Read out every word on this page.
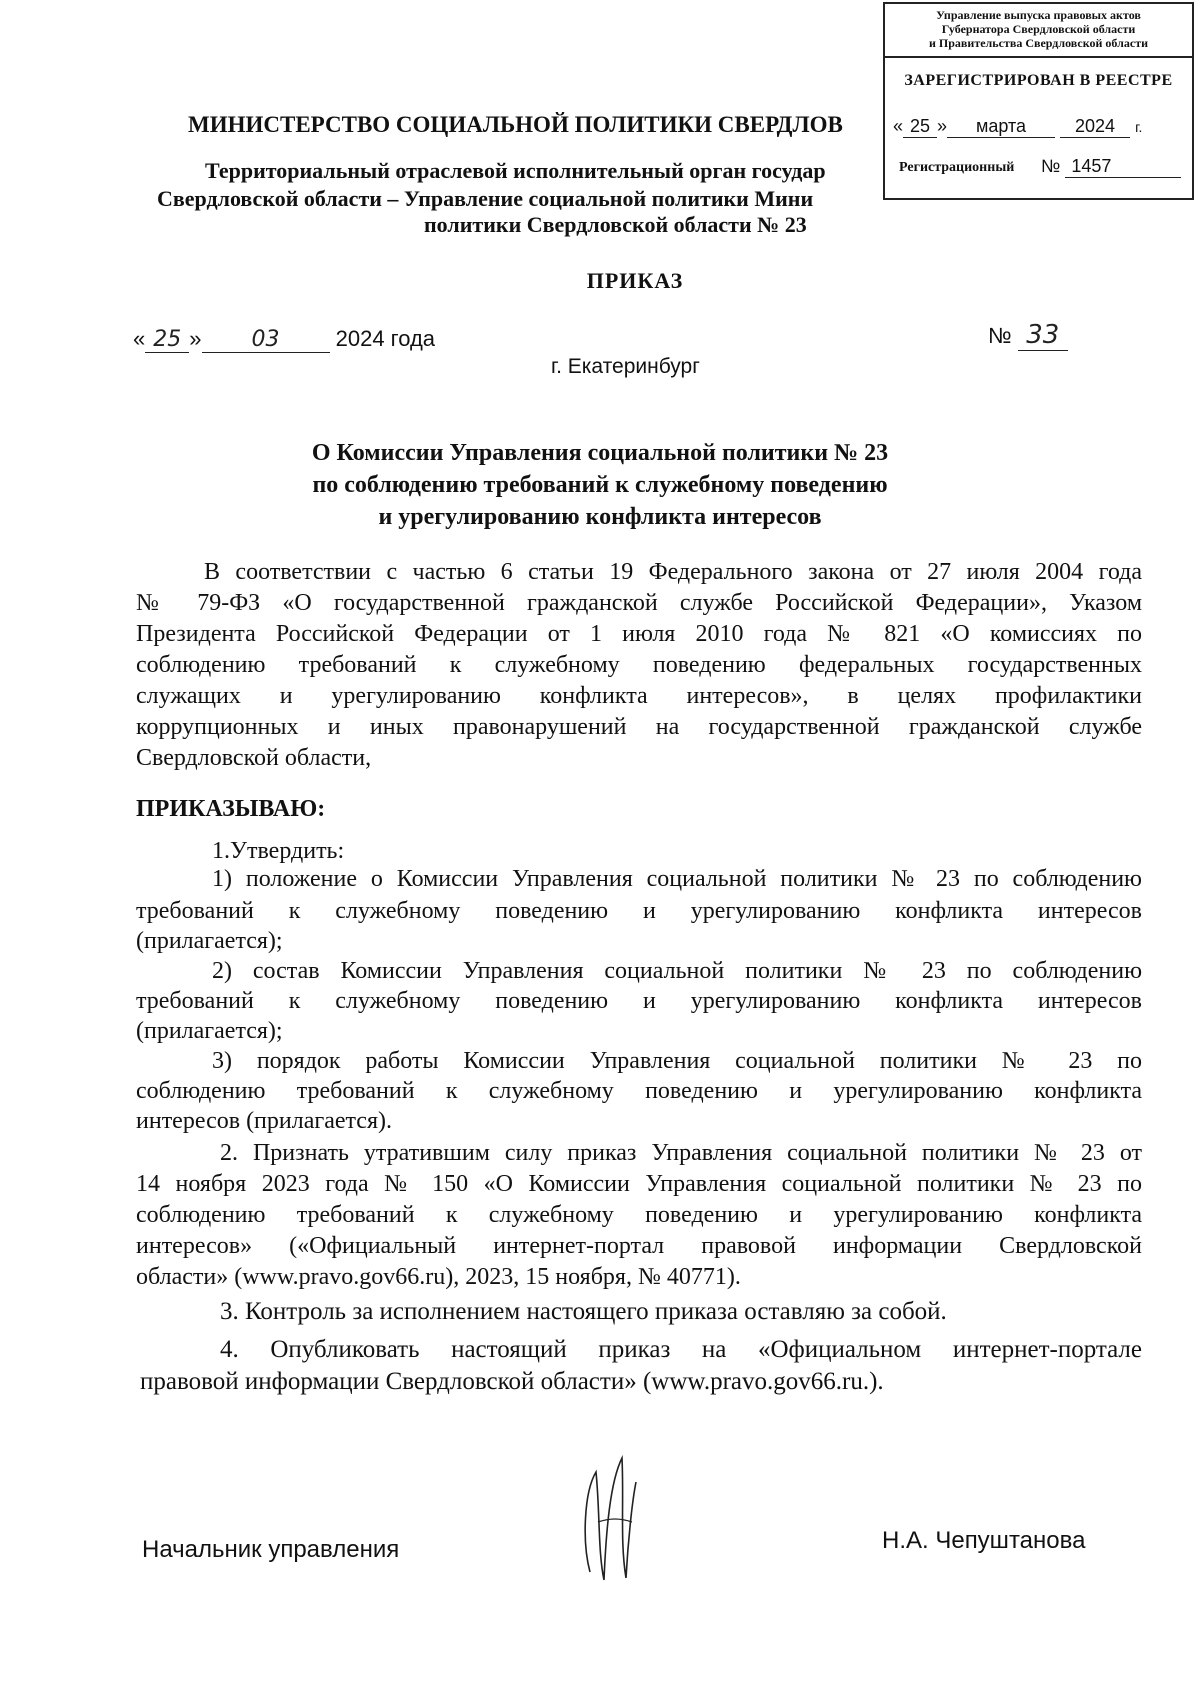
Управление выпуска правовых актов
Губернатора Свердловской области
и Правительства Свердловской области
ЗАРЕГИСТРИРОВАН В РЕЕСТРЕ
« 25 » марта	2024 г.
Регистрационный № 1457
МИНИСТЕРСТВО СОЦИАЛЬНОЙ ПОЛИТИКИ СВЕРДЛОВ
Территориальный отраслевой исполнительный орган государ
Свердловской области – Управление социальной политики Мини
политики Свердловской области № 23
ПРИКАЗ
« 25 » 03	2024 года	№ 33
г. Екатеринбург
О Комиссии Управления социальной политики № 23
по соблюдению требований к служебному поведению
и урегулированию конфликта интересов
В соответствии с частью 6 статьи 19 Федерального закона от 27 июля 2004 года
№ 79-ФЗ «О государственной гражданской службе Российской Федерации», Указом
Президента Российской Федерации от 1 июля 2010 года № 821 «О комиссиях по
соблюдению требований к служебному поведению федеральных государственных
служащих и урегулированию конфликта интересов», в целях профилактики
коррупционных и иных правонарушений на государственной гражданской службе
Свердловской области,
ПРИКАЗЫВАЮ:
1.Утвердить:
1) положение о Комиссии Управления социальной политики № 23 по соблюдению
требований к служебному поведению и урегулированию конфликта интересов
(прилагается);
2) состав Комиссии Управления социальной политики № 23 по соблюдению
требований к служебному поведению и урегулированию конфликта интересов
(прилагается);
3) порядок работы Комиссии Управления социальной политики № 23 по
соблюдению требований к служебному поведению и урегулированию конфликта
интересов (прилагается).
2. Признать утратившим силу приказ Управления социальной политики № 23 от
14 ноября 2023 года № 150 «О Комиссии Управления социальной политики № 23 по
соблюдению требований к служебному поведению и урегулированию конфликта
интересов» («Официальный интернет-портал правовой информации Свердловской
области» (www.pravo.gov66.ru), 2023, 15 ноября, № 40771).
3. Контроль за исполнением настоящего приказа оставляю за собой.
4. Опубликовать настоящий приказ на «Официальном интернет-портале
правовой информации Свердловской области» (www.pravo.gov66.ru.).
Начальник управления	Н.А. Чепуштанова
